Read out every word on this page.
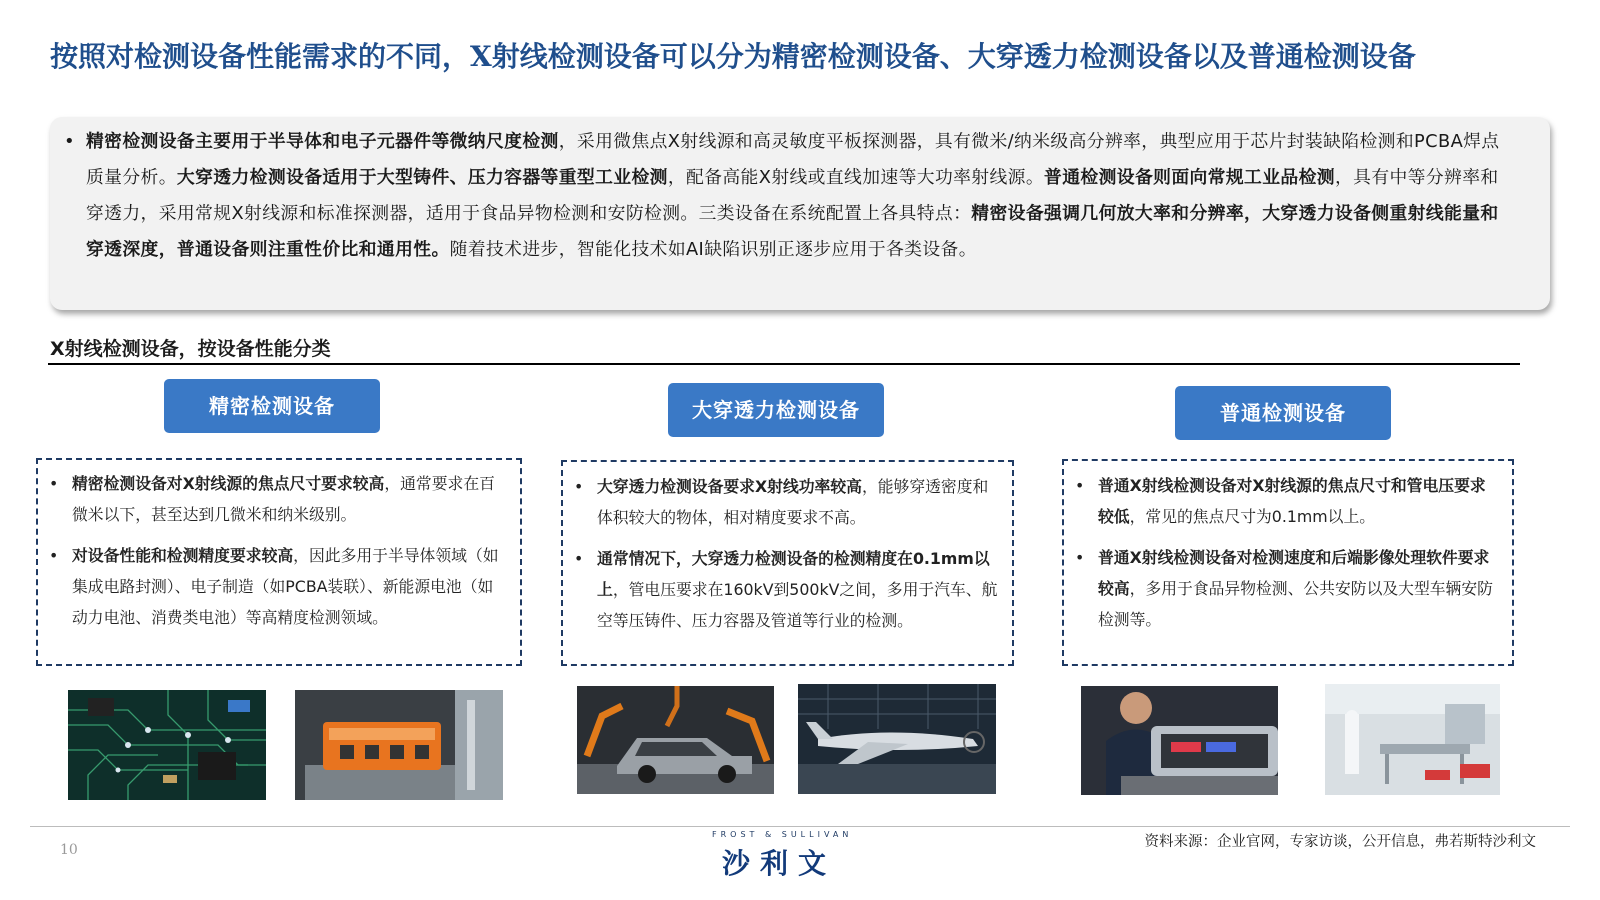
按照对检测设备性能需求的不同，X射线检测设备可以分为精密检测设备、大穿透力检测设备以及普通检测设备
• 精密检测设备主要用于半导体和电子元器件等微纳尺度检测，采用微焦点X射线源和高灵敏度平板探测器，具有微米/纳米级高分辨率，典型应用于芯片封装缺陷检测和PCBA焊点质量分析。大穿透力检测设备适用于大型铸件、压力容器等重型工业检测，配备高能X射线或直线加速等大功率射线源。普通检测设备则面向常规工业品检测，具有中等分辨率和穿透力，采用常规X射线源和标准探测器，适用于食品异物检测和安防检测。三类设备在系统配置上各具特点：精密设备强调几何放大率和分辨率，大穿透力设备侧重射线能量和穿透深度，普通设备则注重性价比和通用性。随着技术进步，智能化技术如AI缺陷识别正逐步应用于各类设备。
X射线检测设备，按设备性能分类
精密检测设备
• 精密检测设备对X射线源的焦点尺寸要求较高，通常要求在百微米以下，甚至达到几微米和纳米级别。
• 对设备性能和检测精度要求较高，因此多用于半导体领域（如集成电路封测）、电子制造（如PCBA装联）、新能源电池（如动力电池、消费类电池）等高精度检测领域。
大穿透力检测设备
• 大穿透力检测设备要求X射线功率较高，能够穿透密度和体积较大的物体，相对精度要求不高。
• 通常情况下，大穿透力检测设备的检测精度在0.1mm以上，管电压要求在160kV到500kV之间，多用于汽车、航空等压铸件、压力容器及管道等行业的检测。
普通检测设备
• 普通X射线检测设备对X射线源的焦点尺寸和管电压要求较低，常见的焦点尺寸为0.1mm以上。
• 普通X射线检测设备对检测速度和后端影像处理软件要求较高，多用于食品异物检测、公共安防以及大型车辆安防检测等。
10
FROST & SULLIVAN
沙利文
资料来源：企业官网，专家访谈，公开信息，弗若斯特沙利文
